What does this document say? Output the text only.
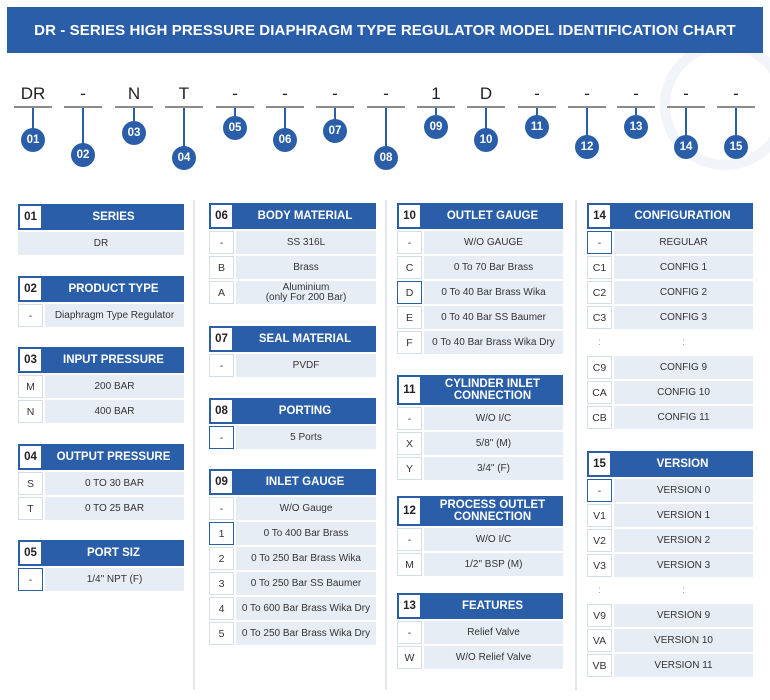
DR - SERIES HIGH PRESSURE DIAPHRAGM TYPE REGULATOR MODEL IDENTIFICATION CHART
DR
01
-
02
N
03
T
04
-
05
-
06
-
07
-
08
1
09
D
10
-
11
-
12
-
13
-
14
-
15
01	SERIES
DR
02	PRODUCT TYPE
-	Diaphragm Type Regulator
03	INPUT PRESSURE
M	200 BAR
N	400 BAR
04	OUTPUT PRESSURE
S	0 TO 30 BAR
T	0 TO 25 BAR
05	PORT SIZ
-	1/4" NPT (F)
06	BODY MATERIAL
-	SS 316L
B	Brass
A	Aluminium
(only For 200 Bar)
07	SEAL MATERIAL
-	PVDF
08	PORTING
-	5 Ports
09	INLET GAUGE
-	W/O Gauge
1	0 To 400 Bar Brass
2	0 To 250 Bar Brass Wika
3	0 To 250 Bar SS Baumer
4	0 To 600 Bar Brass Wika Dry
5	0 To 250 Bar Brass Wika Dry
10	OUTLET GAUGE
-	W/O GAUGE
C	0 To 70 Bar Brass
D	0 To 40 Bar Brass Wika
E	0 To 40 Bar SS Baumer
F	0 To 40 Bar Brass Wika Dry
11	CYLINDER INLET
CONNECTION
-	W/O I/C
X	5/8" (M)
Y	3/4" (F)
12	PROCESS OUTLET
CONNECTION
-	W/O I/C
M	1/2" BSP (M)
13	FEATURES
-	Relief Valve
W	W/O Relief Valve
14	CONFIGURATION
-	REGULAR
C1	CONFIG 1
C2	CONFIG 2
C3	CONFIG 3
:	:
C9	CONFIG 9
CA	CONFIG 10
CB	CONFIG 11
15	VERSION
-	VERSION 0
V1	VERSION 1
V2	VERSION 2
V3	VERSION 3
:	:
V9	VERSION 9
VA	VERSION 10
VB	VERSION 11
